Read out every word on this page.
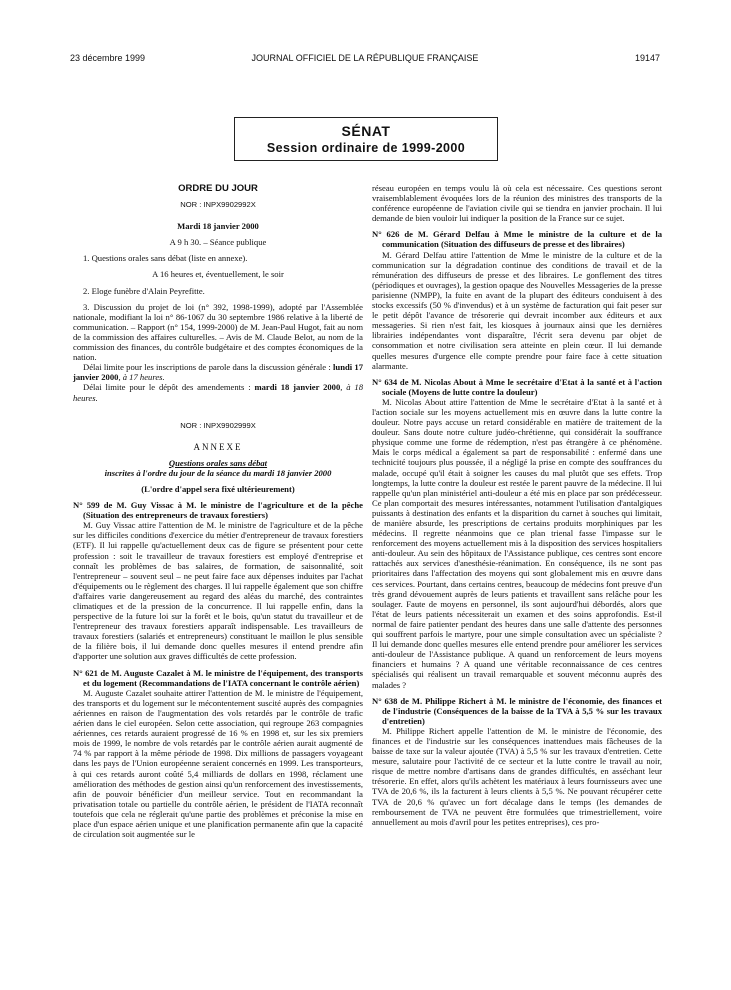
23 décembre 1999	JOURNAL OFFICIEL DE LA RÉPUBLIQUE FRANÇAISE	19147
SÉNAT
Session ordinaire de 1999-2000
ORDRE DU JOUR
NOR : INPX9902992X

Mardi 18 janvier 2000

A 9 h 30. – Séance publique

1. Questions orales sans débat (liste en annexe).

A 16 heures et, éventuellement, le soir

2. Eloge funèbre d'Alain Peyrefitte.

3. Discussion du projet de loi (n° 392, 1998-1999), adopté par l'Assemblée nationale, modifiant la loi n° 86-1067 du 30 septembre 1986 relative à la liberté de communication. – Rapport (n° 154, 1999-2000) de M. Jean-Paul Hugot, fait au nom de la commission des affaires culturelles. – Avis de M. Claude Belot, au nom de la commission des finances, du contrôle budgétaire et des comptes économiques de la nation.

Délai limite pour les inscriptions de parole dans la discussion générale : lundi 17 janvier 2000, à 17 heures.

Délai limite pour le dépôt des amendements : mardi 18 janvier 2000, à 18 heures.

NOR : INPX9902999X
ANNEXE

Questions orales sans débat

inscrites à l'ordre du jour de la séance du mardi 18 janvier 2000

(L'ordre d'appel sera fixé ultérieurement)

N° 599 de M. Guy Vissac à M. le ministre de l'agriculture et de la pêche (Situation des entrepreneurs de travaux forestiers)

M. Guy Vissac attire l'attention de M. le ministre de l'agriculture et de la pêche sur les difficiles conditions d'exercice du métier d'entrepreneur de travaux forestiers (ETF). Il lui rappelle qu'actuellement deux cas de figure se présentent pour cette profession : soit le travailleur de travaux forestiers est employé d'entreprise et connaît les problèmes de bas salaires, de formation, de saisonnalité, soit l'entrepreneur – souvent seul – ne peut faire face aux dépenses induites par l'achat d'équipements ou le règlement des charges. Il lui rappelle également que son chiffre d'affaires varie dangereusement au regard des aléas du marché, des contraintes climatiques et de la pression de la concurrence. Il lui rappelle enfin, dans la perspective de la future loi sur la forêt et le bois, qu'un statut du travailleur et de l'entrepreneur des travaux forestiers apparaît indispensable. Les travailleurs de travaux forestiers (salariés et entrepreneurs) constituant le maillon le plus sensible de la filière bois, il lui demande donc quelles mesures il entend prendre afin d'apporter une solution aux graves difficultés de cette profession.

N° 621 de M. Auguste Cazalet à M. le ministre de l'équipement, des transports et du logement (Recommandations de l'IATA concernant le contrôle aérien)

M. Auguste Cazalet souhaite attirer l'attention de M. le ministre de l'équipement, des transports et du logement sur le mécontentement suscité auprès des compagnies aériennes en raison de l'augmentation des vols retardés par le contrôle de trafic aérien dans le ciel européen. Selon cette association, qui regroupe 263 compagnies aériennes, ces retards auraient progressé de 16 % en 1998 et, sur les six premiers mois de 1999, le nombre de vols retardés par le contrôle aérien aurait augmenté de 74 % par rapport à la même période de 1998. Dix millions de passagers voyageant dans les pays de l'Union européenne seraient concernés en 1999. Les transporteurs, à qui ces retards auront coûté 5,4 milliards de dollars en 1998, réclament une amélioration des méthodes de gestion ainsi qu'un renforcement des investissements, afin de pouvoir bénéficier d'un meilleur service. Tout en recommandant la privatisation totale ou partielle du contrôle aérien, le président de l'IATA reconnaît toutefois que cela ne réglerait qu'une partie des problèmes et préconise la mise en place d'un espace aérien unique et une planification permanente afin que la capacité de circulation soit augmentée sur le

réseau européen en temps voulu là où cela est nécessaire. Ces questions seront vraisemblablement évoquées lors de la réunion des ministres des transports de la conférence européenne de l'aviation civile qui se tiendra en janvier prochain. Il lui demande de bien vouloir lui indiquer la position de la France sur ce sujet.

N° 626 de M. Gérard Delfau à Mme le ministre de la culture et de la communication (Situation des diffuseurs de presse et des libraires)

M. Gérard Delfau attire l'attention de Mme le ministre de la culture et de la communication sur la dégradation continue des conditions de travail et de la rémunération des diffuseurs de presse et des libraires. Le gonflement des titres (périodiques et ouvrages), la gestion opaque des Nouvelles Messageries de la presse parisienne (NMPP), la fuite en avant de la plupart des éditeurs conduisent à des stocks excessifs (50 % d'invendus) et à un système de facturation qui fait peser sur le petit dépôt l'avance de trésorerie qui devrait incomber aux éditeurs et aux messageries. Si rien n'est fait, les kiosques à journaux ainsi que les dernières librairies indépendantes vont disparaître, l'écrit sera devenu par objet de consommation et notre civilisation sera atteinte en plein cœur. Il lui demande quelles mesures d'urgence elle compte prendre pour faire face à cette situation alarmante.

N° 634 de M. Nicolas About à Mme le secrétaire d'Etat à la santé et à l'action sociale (Moyens de lutte contre la douleur)

M. Nicolas About attire l'attention de Mme le secrétaire d'Etat à la santé et à l'action sociale sur les moyens actuellement mis en œuvre dans la lutte contre la douleur. Notre pays accuse un retard considérable en matière de traitement de la douleur. Sans doute notre culture judéo-chrétienne, qui considérait la souffrance physique comme une forme de rédemption, n'est pas étrangère à ce phénomène. Mais le corps médical a également sa part de responsabilité : enfermé dans une technicité toujours plus poussée, il a négligé la prise en compte des souffrances du malade, occupé qu'il était à soigner les causes du mal plutôt que ses effets. Trop longtemps, la lutte contre la douleur est restée le parent pauvre de la médecine. Il lui rappelle qu'un plan ministériel anti-douleur a été mis en place par son prédécesseur. Ce plan comportait des mesures intéressantes, notamment l'utilisation d'antalgiques puissants à destination des enfants et la disparition du carnet à souches qui limitait, de manière absurde, les prescriptions de certains produits morphiniques par les médecins. Il regrette néanmoins que ce plan trienal fasse l'impasse sur le renforcement des moyens actuellement mis à la disposition des services hospitaliers anti-douleur. Au sein des hôpitaux de l'Assistance publique, ces centres sont encore rattachés aux services d'anesthésie-réanimation. En conséquence, ils ne sont pas prioritaires dans l'affectation des moyens qui sont globalement mis en œuvre dans ces services. Pourtant, dans certains centres, beaucoup de médecins font preuve d'un très grand dévouement auprès de leurs patients et travaillent sans relâche pour les soulager. Faute de moyens en personnel, ils sont aujourd'hui débordés, alors que l'état de leurs patients nécessiterait un examen et des soins approfondis. Est-il normal de faire patienter pendant des heures dans une salle d'attente des personnes qui souffrent parfois le martyre, pour une simple consultation avec un spécialiste ? Il lui demande donc quelles mesures elle entend prendre pour améliorer les services anti-douleur de l'Assistance publique. A quand un renforcement de leurs moyens financiers et humains ? A quand une véritable reconnaissance de ces centres spécialisés qui réalisent un travail remarquable et souvent méconnu auprès des malades ?

N° 638 de M. Philippe Richert à M. le ministre de l'économie, des finances et de l'industrie (Conséquences de la baisse de la TVA à 5,5 % sur les travaux d'entretien)

M. Philippe Richert appelle l'attention de M. le ministre de l'économie, des finances et de l'industrie sur les conséquences inattendues mais fâcheuses de la baisse de taxe sur la valeur ajoutée (TVA) à 5,5 % sur les travaux d'entretien. Cette mesure, salutaire pour l'activité de ce secteur et la lutte contre le travail au noir, risque de mettre nombre d'artisans dans de grandes difficultés, en asséchant leur trésorerie. En effet, alors qu'ils achètent les matériaux à leurs fournisseurs avec une TVA de 20,6 %, ils la facturent à leurs clients à 5,5 %. Ne pouvant récupérer cette TVA de 20,6 % qu'avec un fort décalage dans le temps (les demandes de remboursement de TVA ne peuvent être formulées que trimestriellement, voire annuellement au mois d'avril pour les petites entreprises), ces pro-
